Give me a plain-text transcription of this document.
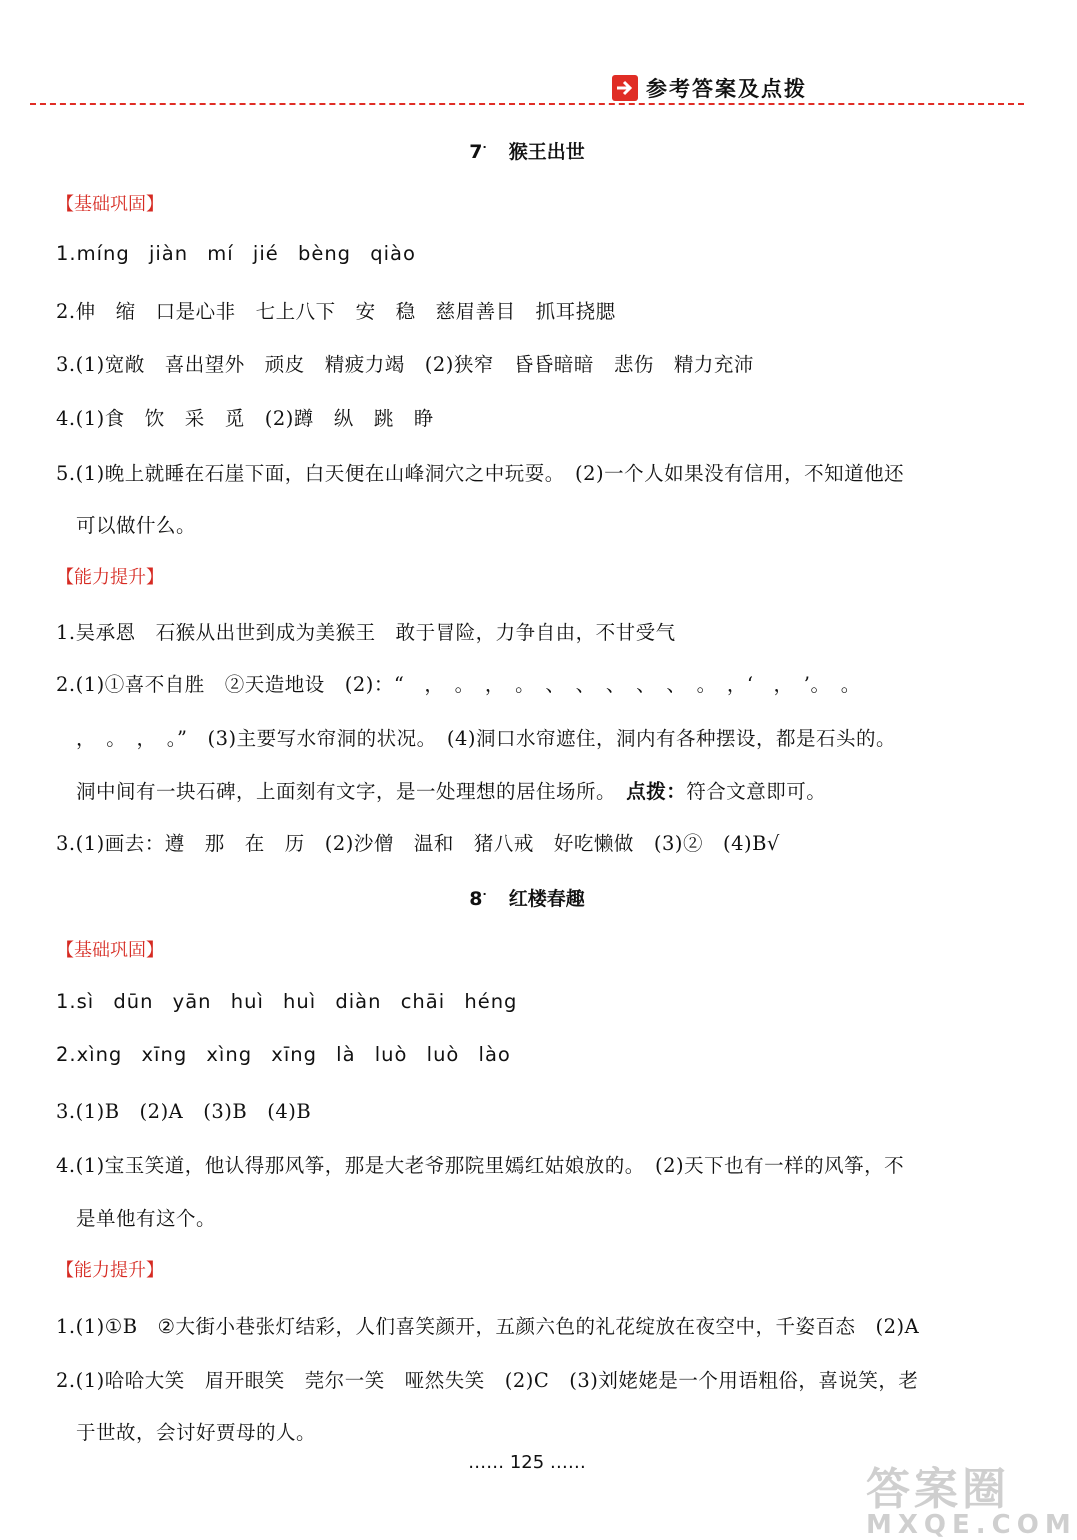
参考答案及点拨
7· 猴王出世
【基础巩固】
1.míng jiàn mí jié bèng qiào
2.伸　缩　口是心非　七上八下　安　稳　慈眉善目　抓耳挠腮
3.(1)宽敞　喜出望外　顽皮　精疲力竭　(2)狭窄　昏昏暗暗　悲伤　精力充沛
4.(1)食　饮　采　觅　(2)蹲　纵　跳　睁
5.(1)晚上就睡在石崖下面，白天便在山峰洞穴之中玩耍。　(2)一个人如果没有信用，不知道他还
可以做什么。
【能力提升】
1.吴承恩　石猴从出世到成为美猴王　敢于冒险，力争自由，不甘受气
2.(1)①喜不自胜　②天造地设　(2)：“　，　。　，　。　、　、　、　、　、　。　，‘　，　’。　。
，　。　，　。”　(3)主要写水帘洞的状况。　(4)洞口水帘遮住，洞内有各种摆设，都是石头的。
洞中间有一块石碑，上面刻有文字，是一处理想的居住场所。　 点拨：符合文意即可。
3.(1)画去：遵　那　在　历　(2)沙僧　温和　猪八戒　好吃懒做　(3)②　(4)B√
8· 红楼春趣
【基础巩固】
1.sì dūn yān huì huì diàn chāi héng
2.xìng xīng xìng xīng là luò luò lào
3.(1)B　(2)A　(3)B　(4)B
4.(1)宝玉笑道，他认得那风筝，那是大老爷那院里嫣红姑娘放的。　(2)天下也有一样的风筝，不
是单他有这个。
【能力提升】
1.(1)①B　②大街小巷张灯结彩，人们喜笑颜开，五颜六色的礼花绽放在夜空中，千姿百态　(2)A
2.(1)哈哈大笑　眉开眼笑　莞尔一笑　哑然失笑　(2)C　(3)刘姥姥是一个用语粗俗，喜说笑，老
于世故，会讨好贾母的人。
…… 125 ……
答案圈
MXQE.COM
